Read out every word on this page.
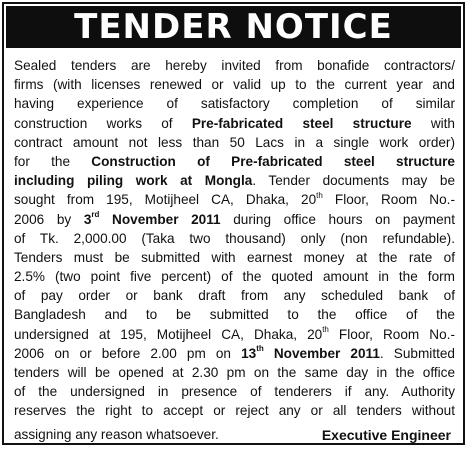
TENDER NOTICE
Sealed tenders are hereby invited from bonafide contractors/
firms (with licenses renewed or valid up to the current year and
having experience of satisfactory completion of similar
construction works of Pre-fabricated steel structure with
contract amount not less than 50 Lacs in a single work order)
for the Construction of Pre-fabricated steel structure
including piling work at Mongla. Tender documents may be
sought from 195, Motijheel CA, Dhaka, 20th Floor, Room No.-
2006 by 3rd November 2011 during office hours on payment
of Tk. 2,000.00 (Taka two thousand) only (non refundable).
Tenders must be submitted with earnest money at the rate of
2.5% (two point five percent) of the quoted amount in the form
of pay order or bank draft from any scheduled bank of
Bangladesh and to be submitted to the office of the
undersigned at 195, Motijheel CA, Dhaka, 20th Floor, Room No.-
2006 on or before 2.00 pm on 13th November 2011. Submitted
tenders will be opened at 2.30 pm on the same day in the office
of the undersigned in presence of tenderers if any. Authority
reserves the right to accept or reject any or all tenders without
assigning any reason whatsoever.	Executive Engineer
